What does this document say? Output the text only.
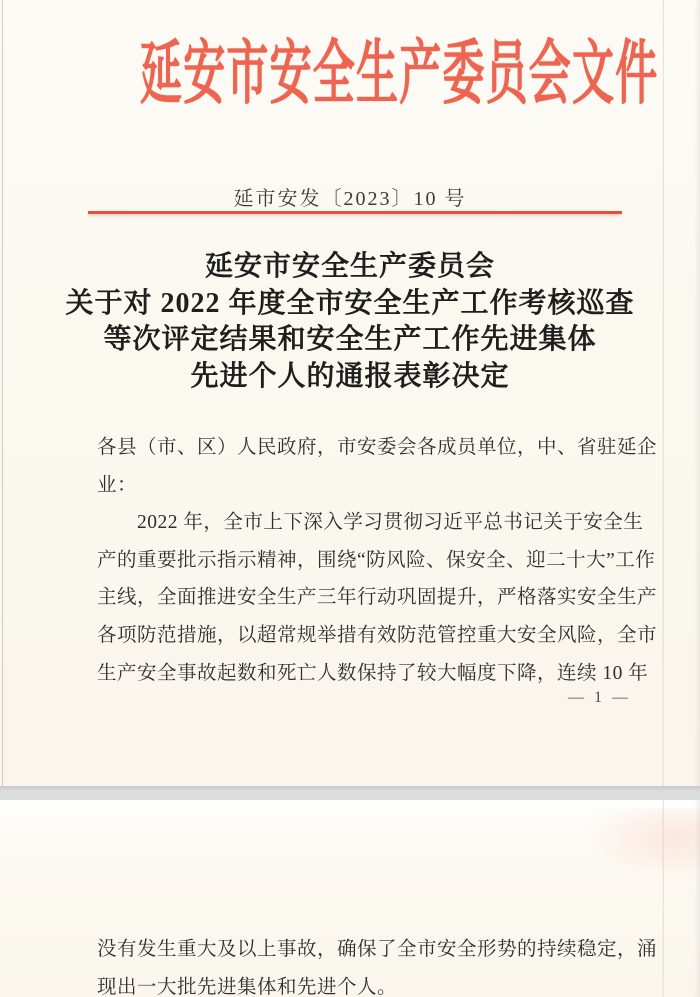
延安市安全生产委员会文件
延市安发〔2023〕10 号
延安市安全生产委员会
关于对 2022 年度全市安全生产工作考核巡查
等次评定结果和安全生产工作先进集体
先进个人的通报表彰决定
各县（市、区）人民政府，市安委会各成员单位，中、省驻延企
业：
2022 年，全市上下深入学习贯彻习近平总书记关于安全生
产的重要批示指示精神，围绕“防风险、保安全、迎二十大”工作
主线，全面推进安全生产三年行动巩固提升，严格落实安全生产
各项防范措施，以超常规举措有效防范管控重大安全风险，全市
生产安全事故起数和死亡人数保持了较大幅度下降，连续 10 年
— 1 —
没有发生重大及以上事故，确保了全市安全形势的持续稳定，涌
现出一大批先进集体和先进个人。
